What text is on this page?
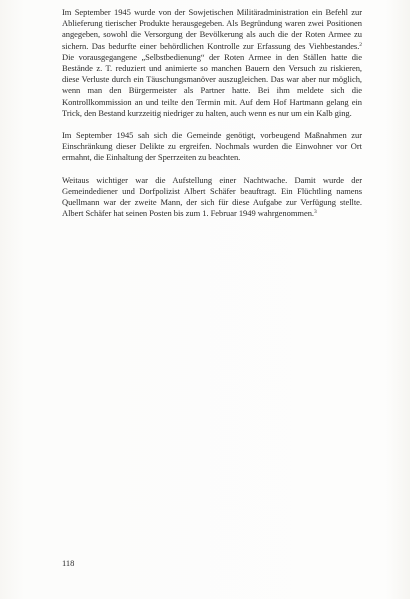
Im September 1945 wurde von der Sowjetischen Militäradministration ein Befehl zur Ablieferung tierischer Produkte herausgegeben. Als Begründung waren zwei Positionen angegeben, sowohl die Versorgung der Bevölkerung als auch die der Roten Armee zu sichern. Das bedurfte einer behördlichen Kontrolle zur Erfassung des Viehbestandes.$^2$ Die vorausgegangene „Selbstbedienung“ der Roten Armee in den Ställen hatte die Bestände z. T. reduziert und animierte so manchen Bauern den Versuch zu riskieren, diese Verluste durch ein Täuschungsmanöver auszugleichen. Das war aber nur möglich, wenn man den Bürgermeister als Partner hatte. Bei ihm meldete sich die Kontrollkommission an und teilte den Termin mit. Auf dem Hof Hartmann gelang ein Trick, den Bestand kurzzeitig niedriger zu halten, auch wenn es nur um ein Kalb ging.

Im September 1945 sah sich die Gemeinde genötigt, vorbeugend Maßnahmen zur Einschränkung dieser Delikte zu ergreifen. Nochmals wurden die Einwohner vor Ort ermahnt, die Einhaltung der Sperrzeiten zu beachten.

Weitaus wichtiger war die Aufstellung einer Nachtwache. Damit wurde der Gemeindediener und Dorfpolizist Albert Schäfer beauftragt. Ein Flüchtling namens Quellmann war der zweite Mann, der sich für diese Aufgabe zur Verfügung stellte. Albert Schäfer hat seinen Posten bis zum 1. Februar 1949 wahrgenommen.$^3$

118
